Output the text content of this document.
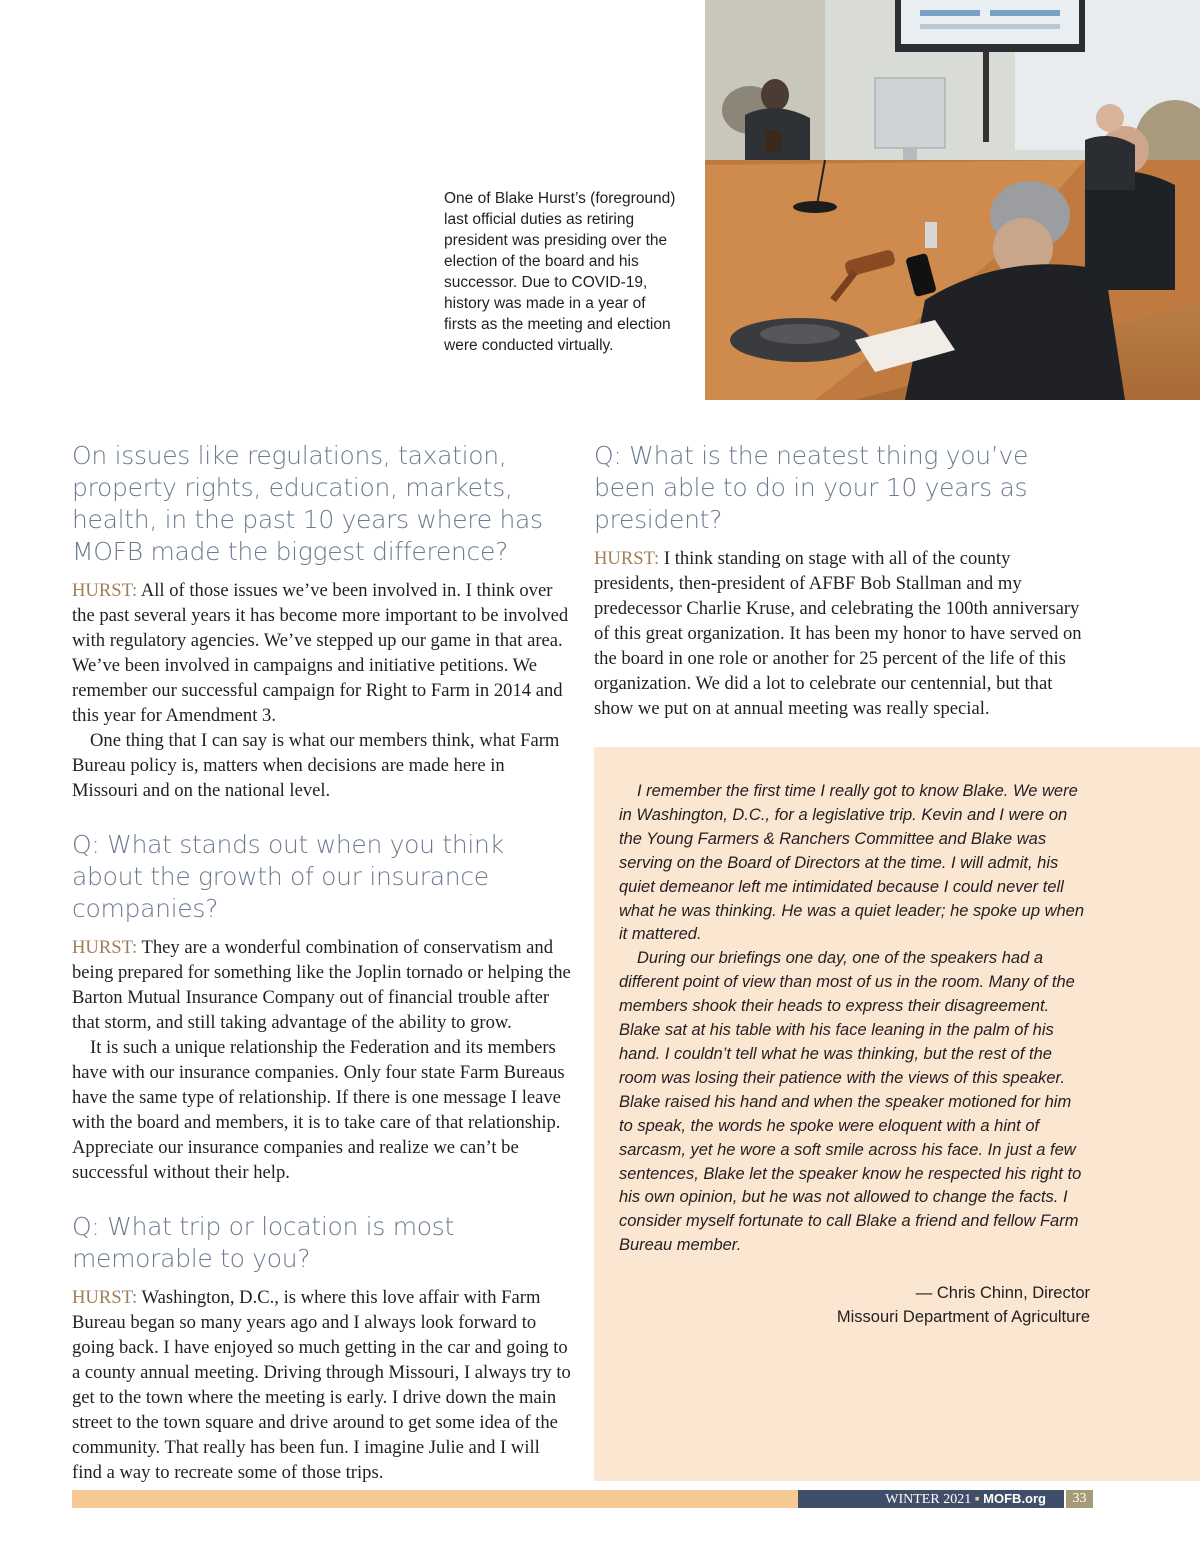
One of Blake Hurst’s (foreground) last official duties as retiring president was presiding over the election of the board and his successor. Due to COVID-19, history was made in a year of firsts as the meeting and election were conducted virtually.
On issues like regulations, taxation, property rights, education, markets, health, in the past 10 years where has MOFB made the biggest difference?

HURST: All of those issues we’ve been involved in. I think over the past several years it has become more important to be involved with regulatory agencies. We’ve stepped up our game in that area. We’ve been involved in campaigns and initiative petitions. We remember our successful campaign for Right to Farm in 2014 and this year for Amendment 3.

One thing that I can say is what our members think, what Farm Bureau policy is, matters when decisions are made here in Missouri and on the national level.

Q: What stands out when you think about the growth of our insurance companies?

HURST: They are a wonderful combination of conservatism and being prepared for something like the Joplin tornado or helping the Barton Mutual Insurance Company out of financial trouble after that storm, and still taking advantage of the ability to grow.

It is such a unique relationship the Federation and its members have with our insurance companies. Only four state Farm Bureaus have the same type of relationship. If there is one message I leave with the board and members, it is to take care of that relationship. Appreciate our insurance companies and realize we can’t be successful without their help.

Q: What trip or location is most memorable to you?

HURST: Washington, D.C., is where this love affair with Farm Bureau began so many years ago and I always look forward to going back. I have enjoyed so much getting in the car and going to a county annual meeting. Driving through Missouri, I always try to get to the town where the meeting is early. I drive down the main street to the town square and drive around to get some idea of the community. That really has been fun. I imagine Julie and I will find a way to recreate some of those trips.

Q: What is the neatest thing you’ve been able to do in your 10 years as president?

HURST: I think standing on stage with all of the county presidents, then-president of AFBF Bob Stallman and my predecessor Charlie Kruse, and celebrating the 100th anniversary of this great organization. It has been my honor to have served on the board in one role or another for 25 percent of the life of this organization. We did a lot to celebrate our centennial, but that show we put on at annual meeting was really special.

I remember the first time I really got to know Blake. We were in Washington, D.C., for a legislative trip. Kevin and I were on the Young Farmers & Ranchers Committee and Blake was serving on the Board of Directors at the time. I will admit, his quiet demeanor left me intimidated because I could never tell what he was thinking. He was a quiet leader; he spoke up when it mattered.

During our briefings one day, one of the speakers had a different point of view than most of us in the room. Many of the members shook their heads to express their disagreement. Blake sat at his table with his face leaning in the palm of his hand. I couldn’t tell what he was thinking, but the rest of the room was losing their patience with the views of this speaker. Blake raised his hand and when the speaker motioned for him to speak, the words he spoke were eloquent with a hint of sarcasm, yet he wore a soft smile across his face. In just a few sentences, Blake let the speaker know he respected his right to his own opinion, but he was not allowed to change the facts. I consider myself fortunate to call Blake a friend and fellow Farm Bureau member.

— Chris Chinn, Director
Missouri Department of Agriculture
WINTER 2021 ▪ MOFB.org	33
